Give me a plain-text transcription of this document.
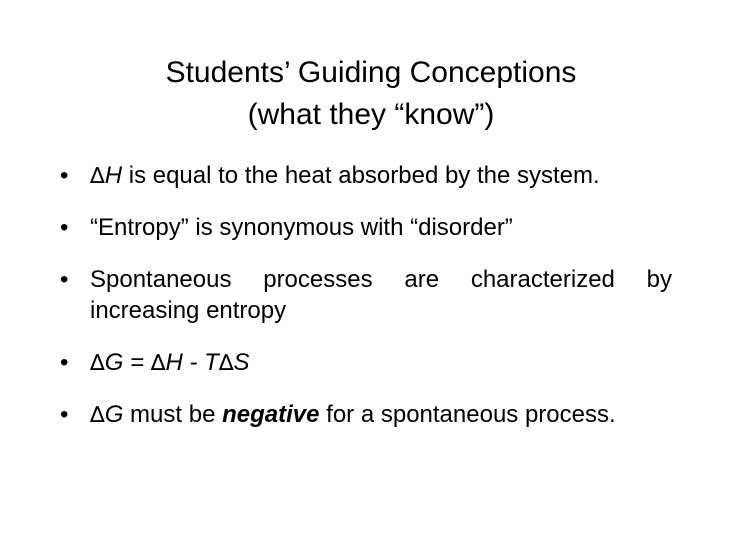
Students’ Guiding Conceptions
(what they “know”)
• ∆H is equal to the heat absorbed by the system.
• “Entropy” is synonymous with “disorder”
• Spontaneous processes are characterized by increasing entropy
• ∆G = ∆H - T∆S
• ∆G must be negative for a spontaneous process.
